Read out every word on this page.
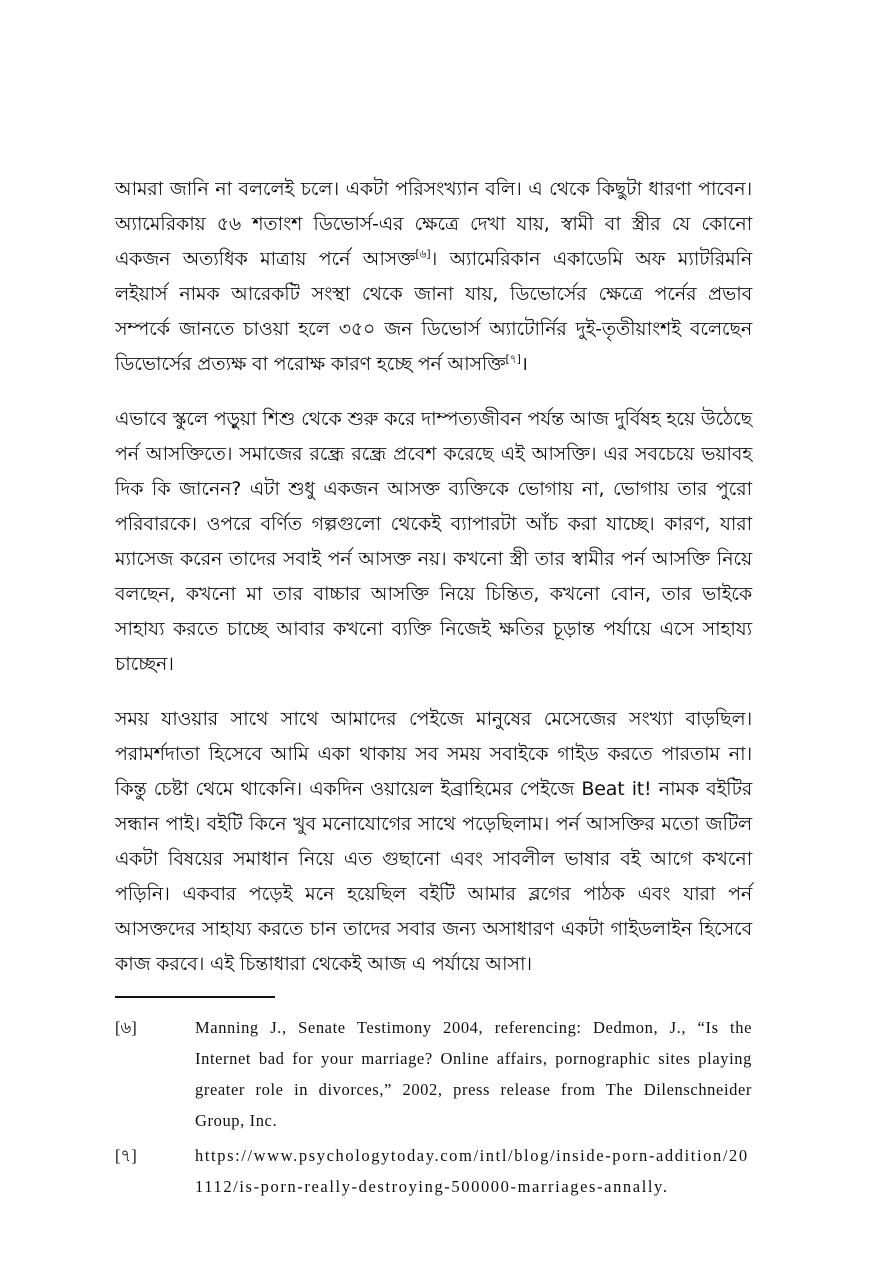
আমরা জানি না বললেই চলে। একটা পরিসংখ্যান বলি। এ থেকে কিছুটা ধারণা পাবেন। অ্যামেরিকায় ৫৬ শতাংশ ডিভোর্স-এর ক্ষেত্রে দেখা যায়, স্বামী বা স্ত্রীর যে কোনো একজন অত্যধিক মাত্রায় পর্নে আসক্ত[৬]। অ্যামেরিকান একাডেমি অফ ম্যাটরিমনি লইয়ার্স নামক আরেকটি সংস্থা থেকে জানা যায়, ডিভোর্সের ক্ষেত্রে পর্নের প্রভাব সম্পর্কে জানতে চাওয়া হলে ৩৫০ জন ডিভোর্স অ্যাটোর্নির দুই-তৃতীয়াংশই বলেছেন ডিভোর্সের প্রত্যক্ষ বা পরোক্ষ কারণ হচ্ছে পর্ন আসক্তি[৭]।

এভাবে স্কুলে পড়ুয়া শিশু থেকে শুরু করে দাম্পত্যজীবন পর্যন্ত আজ দুর্বিষহ হয়ে উঠেছে পর্ন আসক্তিতে। সমাজের রন্ধ্রে রন্ধ্রে প্রবেশ করেছে এই আসক্তি। এর সবচেয়ে ভয়াবহ দিক কি জানেন? এটা শুধু একজন আসক্ত ব্যক্তিকে ভোগায় না, ভোগায় তার পুরো পরিবারকে। ওপরে বর্ণিত গল্পগুলো থেকেই ব্যাপারটা আঁচ করা যাচ্ছে। কারণ, যারা ম্যাসেজ করেন তাদের সবাই পর্ন আসক্ত নয়। কখনো স্ত্রী তার স্বামীর পর্ন আসক্তি নিয়ে বলছেন, কখনো মা তার বাচ্চার আসক্তি নিয়ে চিন্তিত, কখনো বোন, তার ভাইকে সাহায্য করতে চাচ্ছে আবার কখনো ব্যক্তি নিজেই ক্ষতির চূড়ান্ত পর্যায়ে এসে সাহায্য চাচ্ছেন।

সময় যাওয়ার সাথে সাথে আমাদের পেইজে মানুষের মেসেজের সংখ্যা বাড়ছিল। পরামর্শদাতা হিসেবে আমি একা থাকায় সব সময় সবাইকে গাইড করতে পারতাম না। কিন্তু চেষ্টা থেমে থাকেনি। একদিন ওয়ায়েল ইব্রাহিমের পেইজে Beat it! নামক বইটির সন্ধান পাই। বইটি কিনে খুব মনোযোগের সাথে পড়েছিলাম। পর্ন আসক্তির মতো জটিল একটা বিষয়ের সমাধান নিয়ে এত গুছানো এবং সাবলীল ভাষার বই আগে কখনো পড়িনি। একবার পড়েই মনে হয়েছিল বইটি আমার ব্লগের পাঠক এবং যারা পর্ন আসক্তদের সাহায্য করতে চান তাদের সবার জন্য অসাধারণ একটা গাইডলাইন হিসেবে কাজ করবে। এই চিন্তাধারা থেকেই আজ এ পর্যায়ে আসা।

[৬]	Manning J., Senate Testimony 2004, referencing: Dedmon, J., “Is the Internet bad for your marriage? Online affairs, pornographic sites playing greater role in divorces,” 2002, press release from The Dilenschneider Group, Inc.
[৭]	https://www.psychologytoday.com/intl/blog/inside-porn-addition/201112/is-porn-really-destroying-500000-marriages-annally.
